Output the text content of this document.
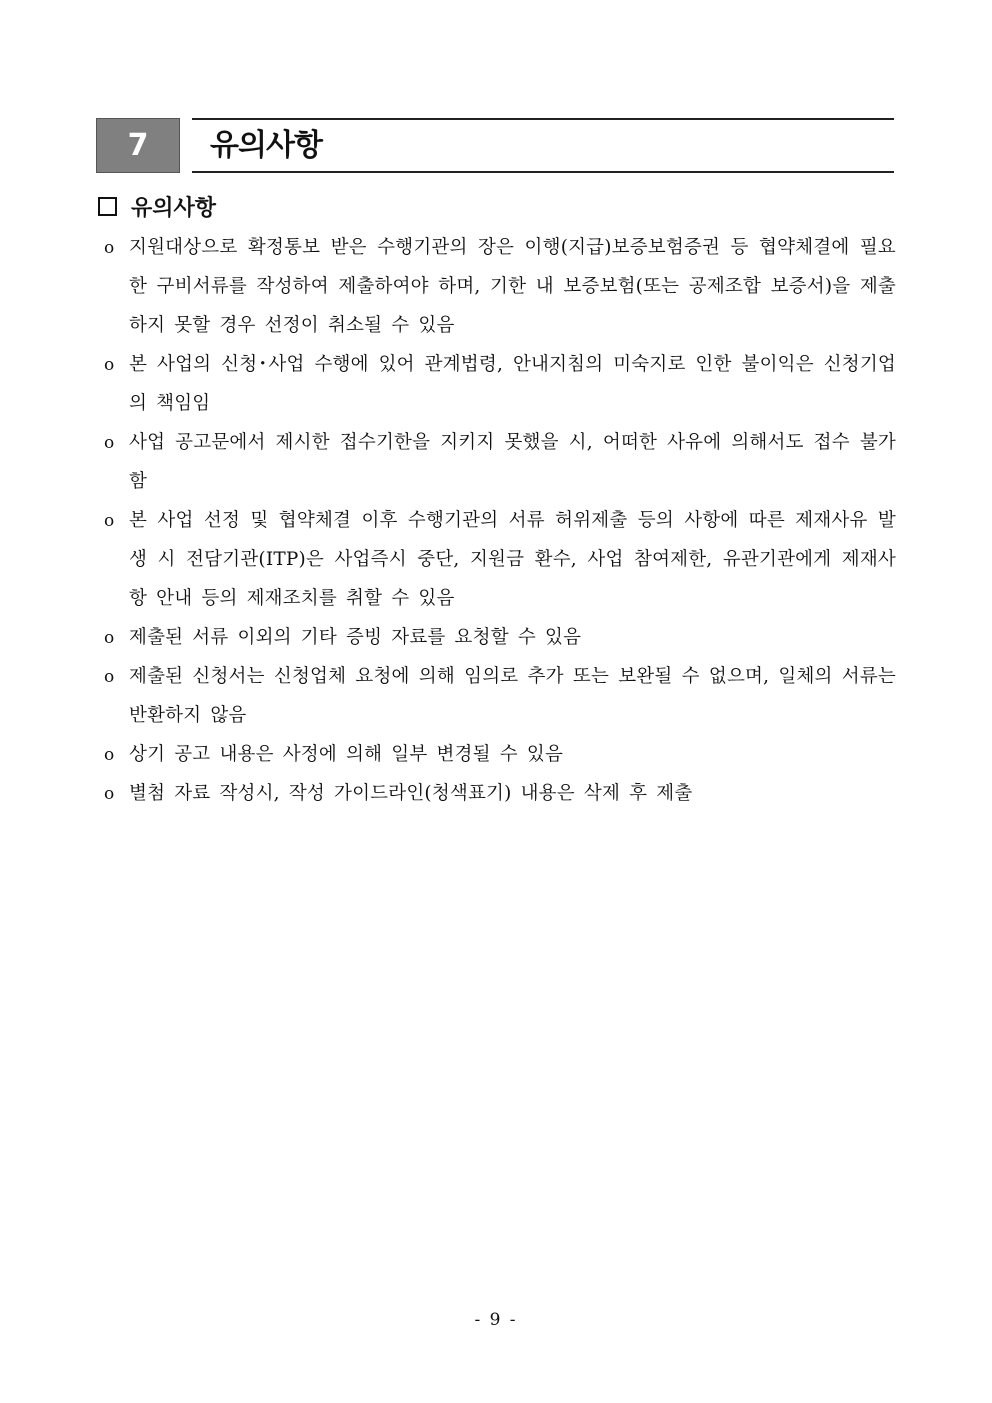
7	유의사항
유의사항
o 지원대상으로 확정통보 받은 수행기관의 장은 이행(지급)보증보험증권 등 협약체결에 필요한 구비서류를 작성하여 제출하여야 하며, 기한 내 보증보험(또는 공제조합 보증서)을 제출하지 못할 경우 선정이 취소될 수 있음
o 본 사업의 신청･사업 수행에 있어 관계법령, 안내지침의 미숙지로 인한 불이익은 신청기업의 책임임
o 사업 공고문에서 제시한 접수기한을 지키지 못했을 시, 어떠한 사유에 의해서도 접수 불가함
o 본 사업 선정 및 협약체결 이후 수행기관의 서류 허위제출 등의 사항에 따른 제재사유 발생 시 전담기관(ITP)은 사업즉시 중단, 지원금 환수, 사업 참여제한, 유관기관에게 제재사항 안내 등의 제재조치를 취할 수 있음
o 제출된 서류 이외의 기타 증빙 자료를 요청할 수 있음
o 제출된 신청서는 신청업체 요청에 의해 임의로 추가 또는 보완될 수 없으며, 일체의 서류는 반환하지 않음
o 상기 공고 내용은 사정에 의해 일부 변경될 수 있음
o 별첨 자료 작성시, 작성 가이드라인(청색표기) 내용은 삭제 후 제출
- 9 -
